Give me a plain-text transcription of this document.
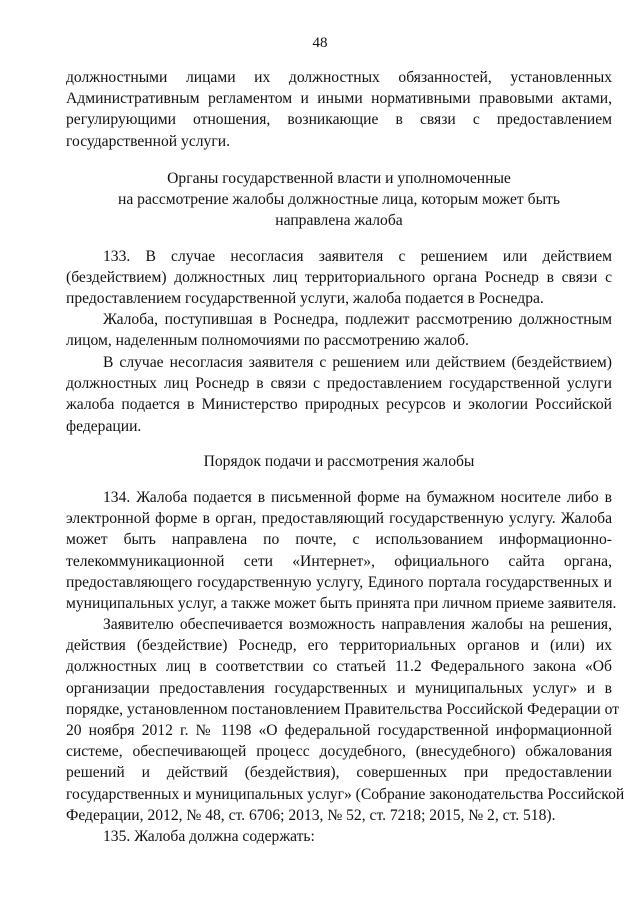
48
должностными лицами их должностных обязанностей, установленных
Административным регламентом и иными нормативными правовыми актами,
регулирующими отношения, возникающие в связи с предоставлением
государственной услуги.
Органы государственной власти и уполномоченные
на рассмотрение жалобы должностные лица, которым может быть
направлена жалоба
133. В случае несогласия заявителя с решением или действием
(бездействием) должностных лиц территориального органа Роснедр в связи с
предоставлением государственной услуги, жалоба подается в Роснедра.
Жалоба, поступившая в Роснедра, подлежит рассмотрению должностным
лицом, наделенным полномочиями по рассмотрению жалоб.
В случае несогласия заявителя с решением или действием (бездействием)
должностных лиц Роснедр в связи с предоставлением государственной услуги
жалоба подается в Министерство природных ресурсов и экологии Российской
федерации.
Порядок подачи и рассмотрения жалобы
134. Жалоба подается в письменной форме на бумажном носителе либо в
электронной форме в орган, предоставляющий государственную услугу. Жалоба
может быть направлена по почте, с использованием информационно-
телекоммуникационной сети «Интернет», официального сайта органа,
предоставляющего государственную услугу, Единого портала государственных и
муниципальных услуг, а также может быть принята при личном приеме заявителя.
Заявителю обеспечивается возможность направления жалобы на решения,
действия (бездействие) Роснедр, его территориальных органов и (или) их
должностных лиц в соответствии со статьей 11.2 Федерального закона «Об
организации предоставления государственных и муниципальных услуг» и в
порядке, установленном постановлением Правительства Российской Федерации от
20 ноября 2012 г. № 1198 «О федеральной государственной информационной
системе, обеспечивающей процесс досудебного, (внесудебного) обжалования
решений и действий (бездействия), совершенных при предоставлении
государственных и муниципальных услуг» (Собрание законодательства Российской
Федерации, 2012, № 48, ст. 6706; 2013, № 52, ст. 7218; 2015, № 2, ст. 518).
135. Жалоба должна содержать:
